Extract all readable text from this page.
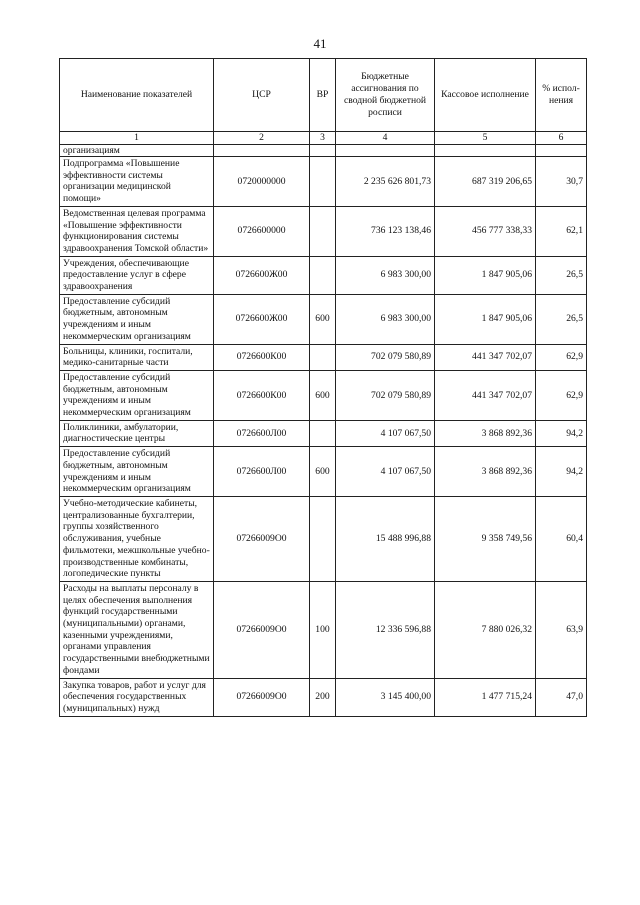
41
Наименование показателей	ЦСР	ВР	Бюджетные ассигнования по сводной бюджетной росписи	Кассовое исполнение	% испол-нения
1	2	3	4	5	6
организациям					
Подпрограмма «Повышение эффективности системы организации медицинской помощи»	0720000000		2 235 626 801,73	687 319 206,65	30,7
Ведомственная целевая программа «Повышение эффективности функционирования системы здравоохранения Томской области»	0726600000		736 123 138,46	456 777 338,33	62,1
Учреждения, обеспечивающие предоставление услуг в сфере здравоохранения	0726600Ж00		6 983 300,00	1 847 905,06	26,5
Предоставление субсидий бюджетным, автономным учреждениям и иным некоммерческим организациям	0726600Ж00	600	6 983 300,00	1 847 905,06	26,5
Больницы, клиники, госпитали, медико-санитарные части	0726600К00		702 079 580,89	441 347 702,07	62,9
Предоставление субсидий бюджетным, автономным учреждениям и иным некоммерческим организациям	0726600К00	600	702 079 580,89	441 347 702,07	62,9
Поликлиники, амбулатории, диагностические центры	0726600Л00		4 107 067,50	3 868 892,36	94,2
Предоставление субсидий бюджетным, автономным учреждениям и иным некоммерческим организациям	0726600Л00	600	4 107 067,50	3 868 892,36	94,2
Учебно-методические кабинеты, централизованные бухгалтерии, группы хозяйственного обслуживания, учебные фильмотеки, межшкольные учебно-производственные комбинаты, логопедические пункты	07266009О0		15 488 996,88	9 358 749,56	60,4
Расходы на выплаты персоналу в целях обеспечения выполнения функций государственными (муниципальными) органами, казенными учреждениями, органами управления государственными внебюджетными фондами	07266009О0	100	12 336 596,88	7 880 026,32	63,9
Закупка товаров, работ и услуг для обеспечения государственных (муниципальных) нужд	07266009О0	200	3 145 400,00	1 477 715,24	47,0
